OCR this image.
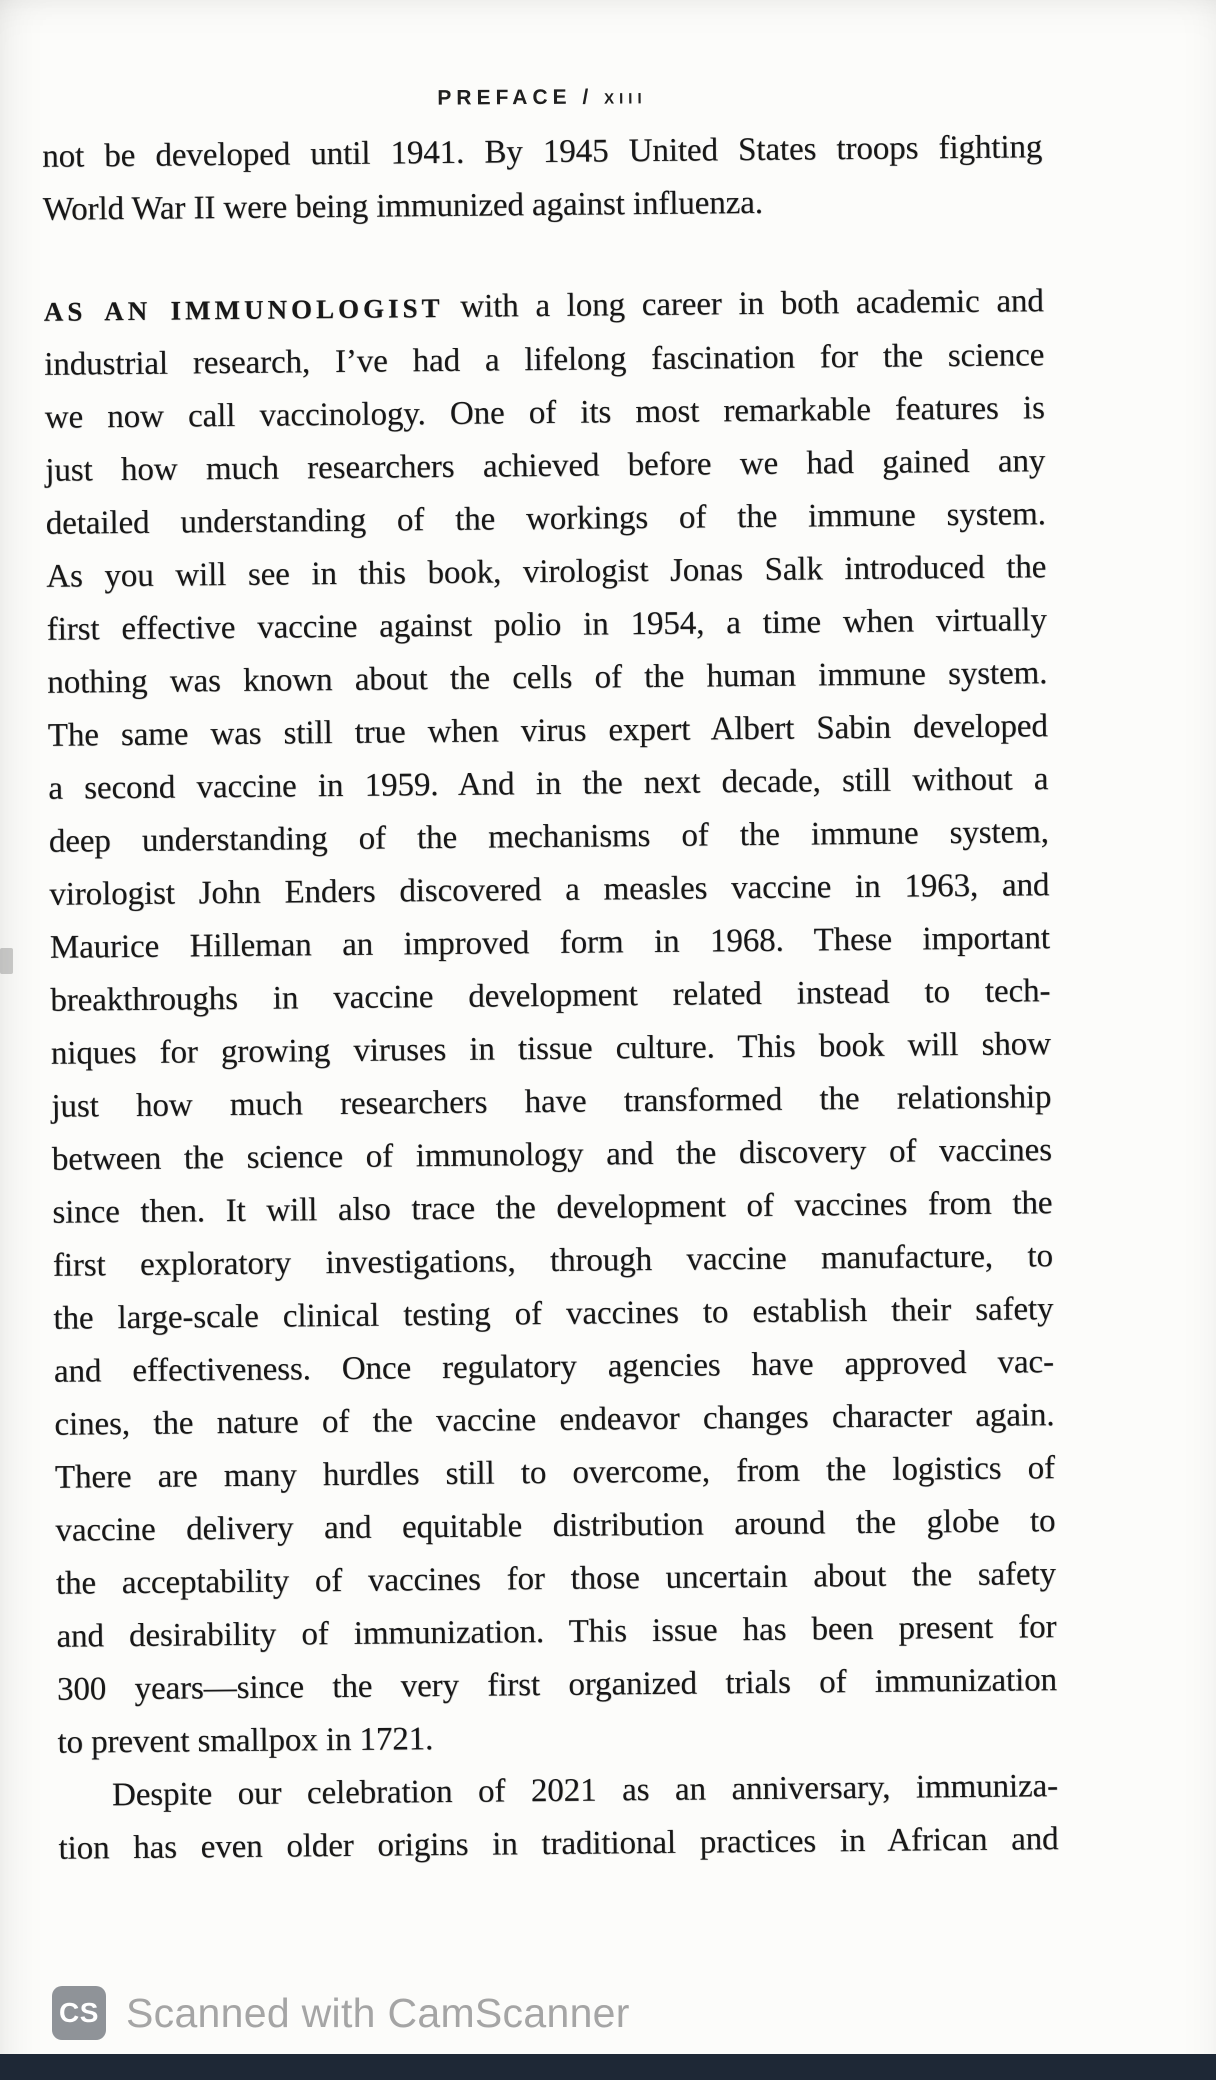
PREFACE / xiii
not be developed until 1941. By 1945 United States troops fighting
World War II were being immunized against influenza.
AS AN IMMUNOLOGIST with a long career in both academic and
industrial research, I’ve had a lifelong fascination for the science
we now call vaccinology. One of its most remarkable features is
just how much researchers achieved before we had gained any
detailed understanding of the workings of the immune system.
As you will see in this book, virologist Jonas Salk introduced the
first effective vaccine against polio in 1954, a time when virtually
nothing was known about the cells of the human immune system.
The same was still true when virus expert Albert Sabin developed
a second vaccine in 1959. And in the next decade, still without a
deep understanding of the mechanisms of the immune system,
virologist John Enders discovered a measles vaccine in 1963, and
Maurice Hilleman an improved form in 1968. These important
breakthroughs in vaccine development related instead to tech-
niques for growing viruses in tissue culture. This book will show
just how much researchers have transformed the relationship
between the science of immunology and the discovery of vaccines
since then. It will also trace the development of vaccines from the
first exploratory investigations, through vaccine manufacture, to
the large-scale clinical testing of vaccines to establish their safety
and effectiveness. Once regulatory agencies have approved vac-
cines, the nature of the vaccine endeavor changes character again.
There are many hurdles still to overcome, from the logistics of
vaccine delivery and equitable distribution around the globe to
the acceptability of vaccines for those uncertain about the safety
and desirability of immunization. This issue has been present for
300 years—since the very first organized trials of immunization
to prevent smallpox in 1721.
Despite our celebration of 2021 as an anniversary, immuniza-
tion has even older origins in traditional practices in African and
CS Scanned with CamScanner
